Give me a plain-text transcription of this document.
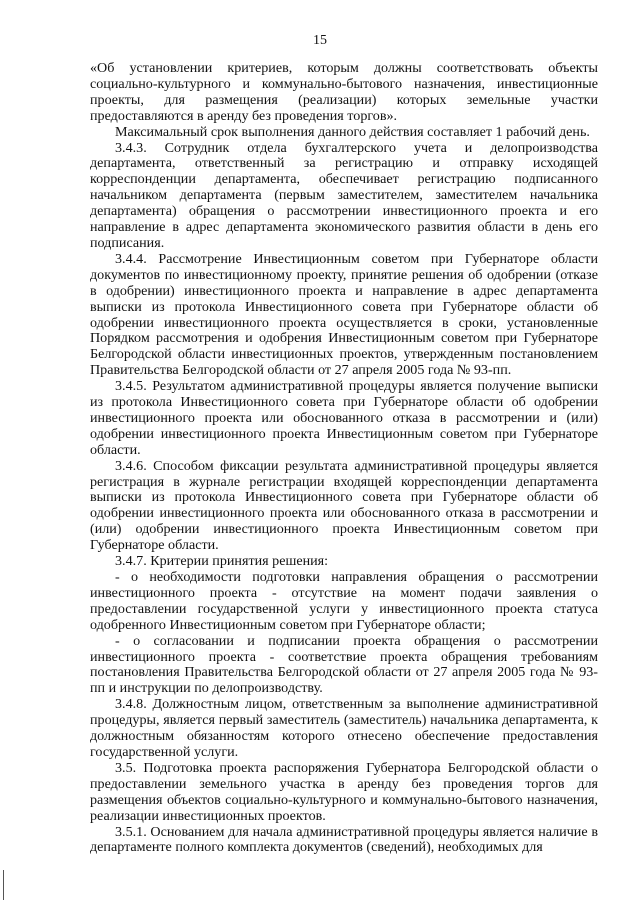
15

«Об установлении критериев, которым должны соответствовать объекты социально-культурного и коммунально-бытового назначения, инвестиционные проекты, для размещения (реализации) которых земельные участки предоставляются в аренду без проведения торгов».

Максимальный срок выполнения данного действия составляет 1 рабочий день.

3.4.3. Сотрудник отдела бухгалтерского учета и делопроизводства департамента, ответственный за регистрацию и отправку исходящей корреспонденции департамента, обеспечивает регистрацию подписанного начальником департамента (первым заместителем, заместителем начальника департамента) обращения о рассмотрении инвестиционного проекта и его направление в адрес департамента экономического развития области в день его подписания.

3.4.4. Рассмотрение Инвестиционным советом при Губернаторе области документов по инвестиционному проекту, принятие решения об одобрении (отказе в одобрении) инвестиционного проекта и направление в адрес департамента выписки из протокола Инвестиционного совета при Губернаторе области об одобрении инвестиционного проекта осуществляется в сроки, установленные Порядком рассмотрения и одобрения Инвестиционным советом при Губернаторе Белгородской области инвестиционных проектов, утвержденным постановлением Правительства Белгородской области от 27 апреля 2005 года № 93-пп.

3.4.5. Результатом административной процедуры является получение выписки из протокола Инвестиционного совета при Губернаторе области об одобрении инвестиционного проекта или обоснованного отказа в рассмотрении и (или) одобрении инвестиционного проекта Инвестиционным советом при Губернаторе области.

3.4.6. Способом фиксации результата административной процедуры является регистрация в журнале регистрации входящей корреспонденции департамента выписки из протокола Инвестиционного совета при Губернаторе области об одобрении инвестиционного проекта или обоснованного отказа в рассмотрении и (или) одобрении инвестиционного проекта Инвестиционным советом при Губернаторе области.

3.4.7. Критерии принятия решения:

- о необходимости подготовки направления обращения о рассмотрении инвестиционного проекта - отсутствие на момент подачи заявления о предоставлении государственной услуги у инвестиционного проекта статуса одобренного Инвестиционным советом при Губернаторе области;

- о согласовании и подписании проекта обращения о рассмотрении инвестиционного проекта - соответствие проекта обращения требованиям постановления Правительства Белгородской области от 27 апреля 2005 года № 93-пп и инструкции по делопроизводству.

3.4.8. Должностным лицом, ответственным за выполнение административной процедуры, является первый заместитель (заместитель) начальника департамента, к должностным обязанностям которого отнесено обеспечение предоставления государственной услуги.

3.5. Подготовка проекта распоряжения Губернатора Белгородской области о предоставлении земельного участка в аренду без проведения торгов для размещения объектов социально-культурного и коммунально-бытового назначения, реализации инвестиционных проектов.

3.5.1. Основанием для начала административной процедуры является наличие в департаменте полного комплекта документов (сведений), необходимых для
